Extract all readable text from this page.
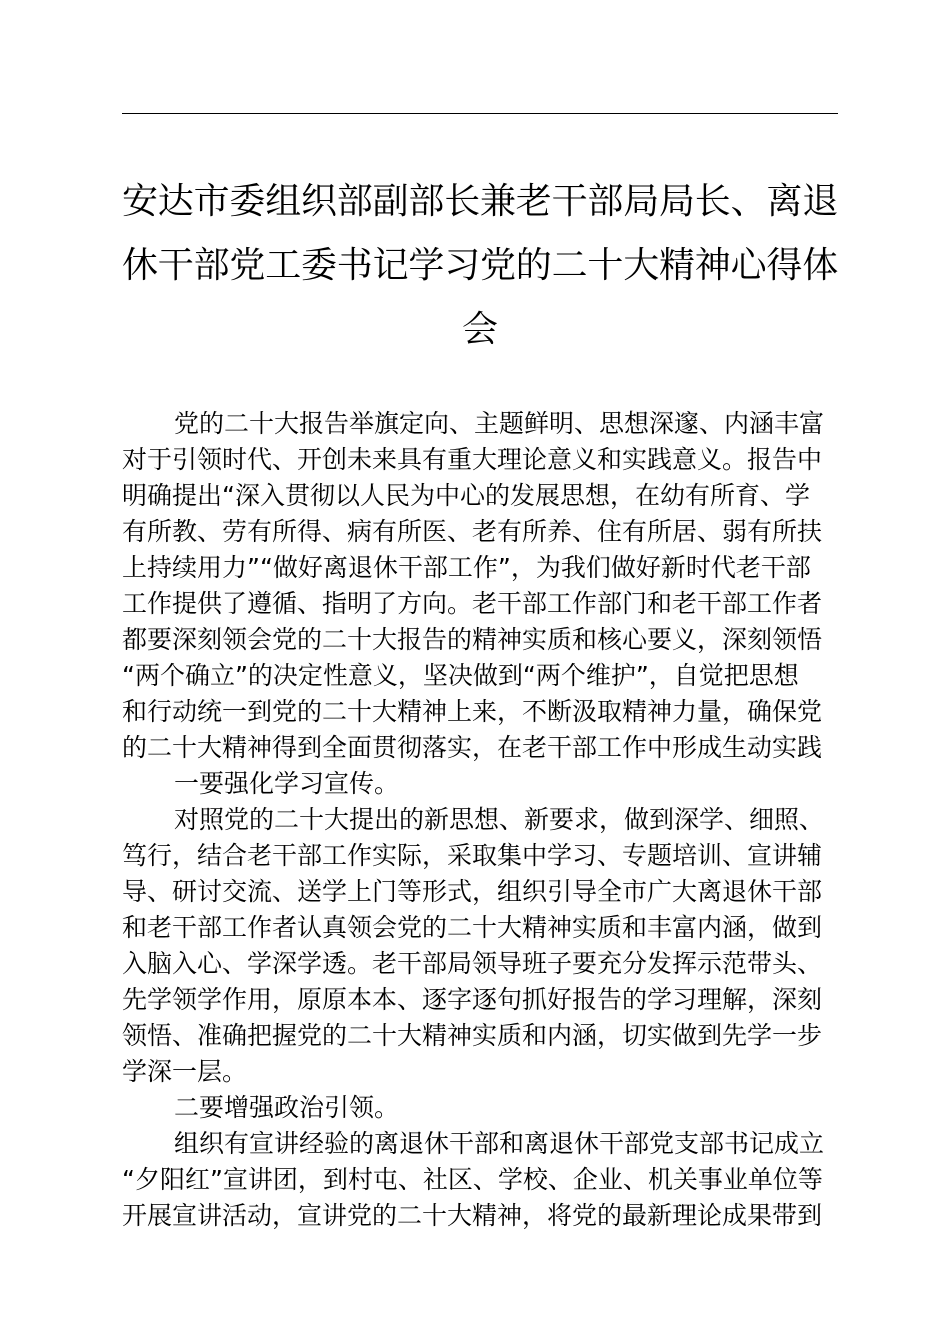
安达市委组织部副部长兼老干部局局长、离退
休干部党工委书记学习党的二十大精神心得体
会

党的二十大报告举旗定向、主题鲜明、思想深邃、内涵丰富
对于引领时代、开创未来具有重大理论意义和实践意义。报告中
明确提出“深入贯彻以人民为中心的发展思想，在幼有所育、学
有所教、劳有所得、病有所医、老有所养、住有所居、弱有所扶
上持续用力”“做好离退休干部工作”，为我们做好新时代老干部
工作提供了遵循、指明了方向。老干部工作部门和老干部工作者
都要深刻领会党的二十大报告的精神实质和核心要义，深刻领悟
“两个确立”的决定性意义，坚决做到“两个维护”，自觉把思想
和行动统一到党的二十大精神上来，不断汲取精神力量，确保党
的二十大精神得到全面贯彻落实，在老干部工作中形成生动实践

一要强化学习宣传。

对照党的二十大提出的新思想、新要求，做到深学、细照、
笃行，结合老干部工作实际，采取集中学习、专题培训、宣讲辅
导、研讨交流、送学上门等形式，组织引导全市广大离退休干部
和老干部工作者认真领会党的二十大精神实质和丰富内涵，做到
入脑入心、学深学透。老干部局领导班子要充分发挥示范带头、
先学领学作用，原原本本、逐字逐句抓好报告的学习理解，深刻
领悟、准确把握党的二十大精神实质和内涵，切实做到先学一步
学深一层。

二要增强政治引领。

组织有宣讲经验的离退休干部和离退休干部党支部书记成立
“夕阳红”宣讲团，到村屯、社区、学校、企业、机关事业单位等
开展宣讲活动，宣讲党的二十大精神，将党的最新理论成果带到
